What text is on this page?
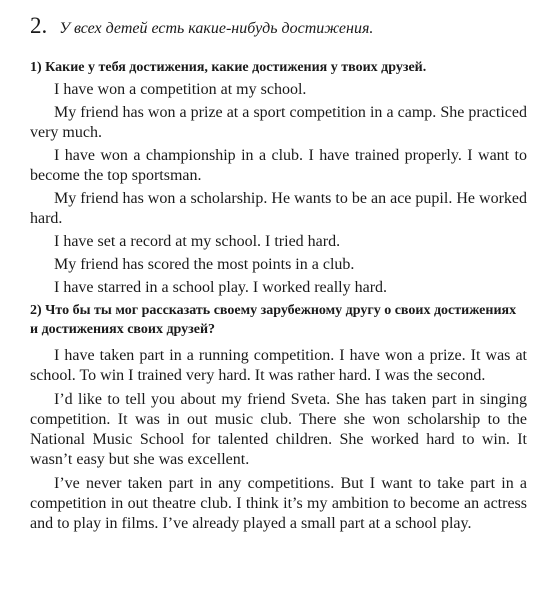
2. У всех детей есть какие-нибудь достижения.
1) Какие у тебя достижения, какие достижения у твоих друзей.

I have won a competition at my school.

My friend has won a prize at a sport competition in a camp. She practiced very much.

I have won a championship in a club. I have trained properly. I want to become the top sportsman.

My friend has won a scholarship. He wants to be an ace pupil. He worked hard.

I have set a record at my school. I tried hard.

My friend has scored the most points in a club.

I have starred in a school play. I worked really hard.

2) Что бы ты мог рассказать своему зарубежному другу о своих достижениях и достижениях своих друзей?

I have taken part in a running competition. I have won a prize. It was at school. To win I trained very hard. It was rather hard. I was the second.

I’d like to tell you about my friend Sveta. She has taken part in singing competition. It was in out music club. There she won scholarship to the National Music School for talented children. She worked hard to win. It wasn’t easy but she was excellent.

I’ve never taken part in any competitions. But I want to take part in a competition in out theatre club. I think it’s my ambition to become an actress and to play in films. I’ve already played a small part at a school play.
